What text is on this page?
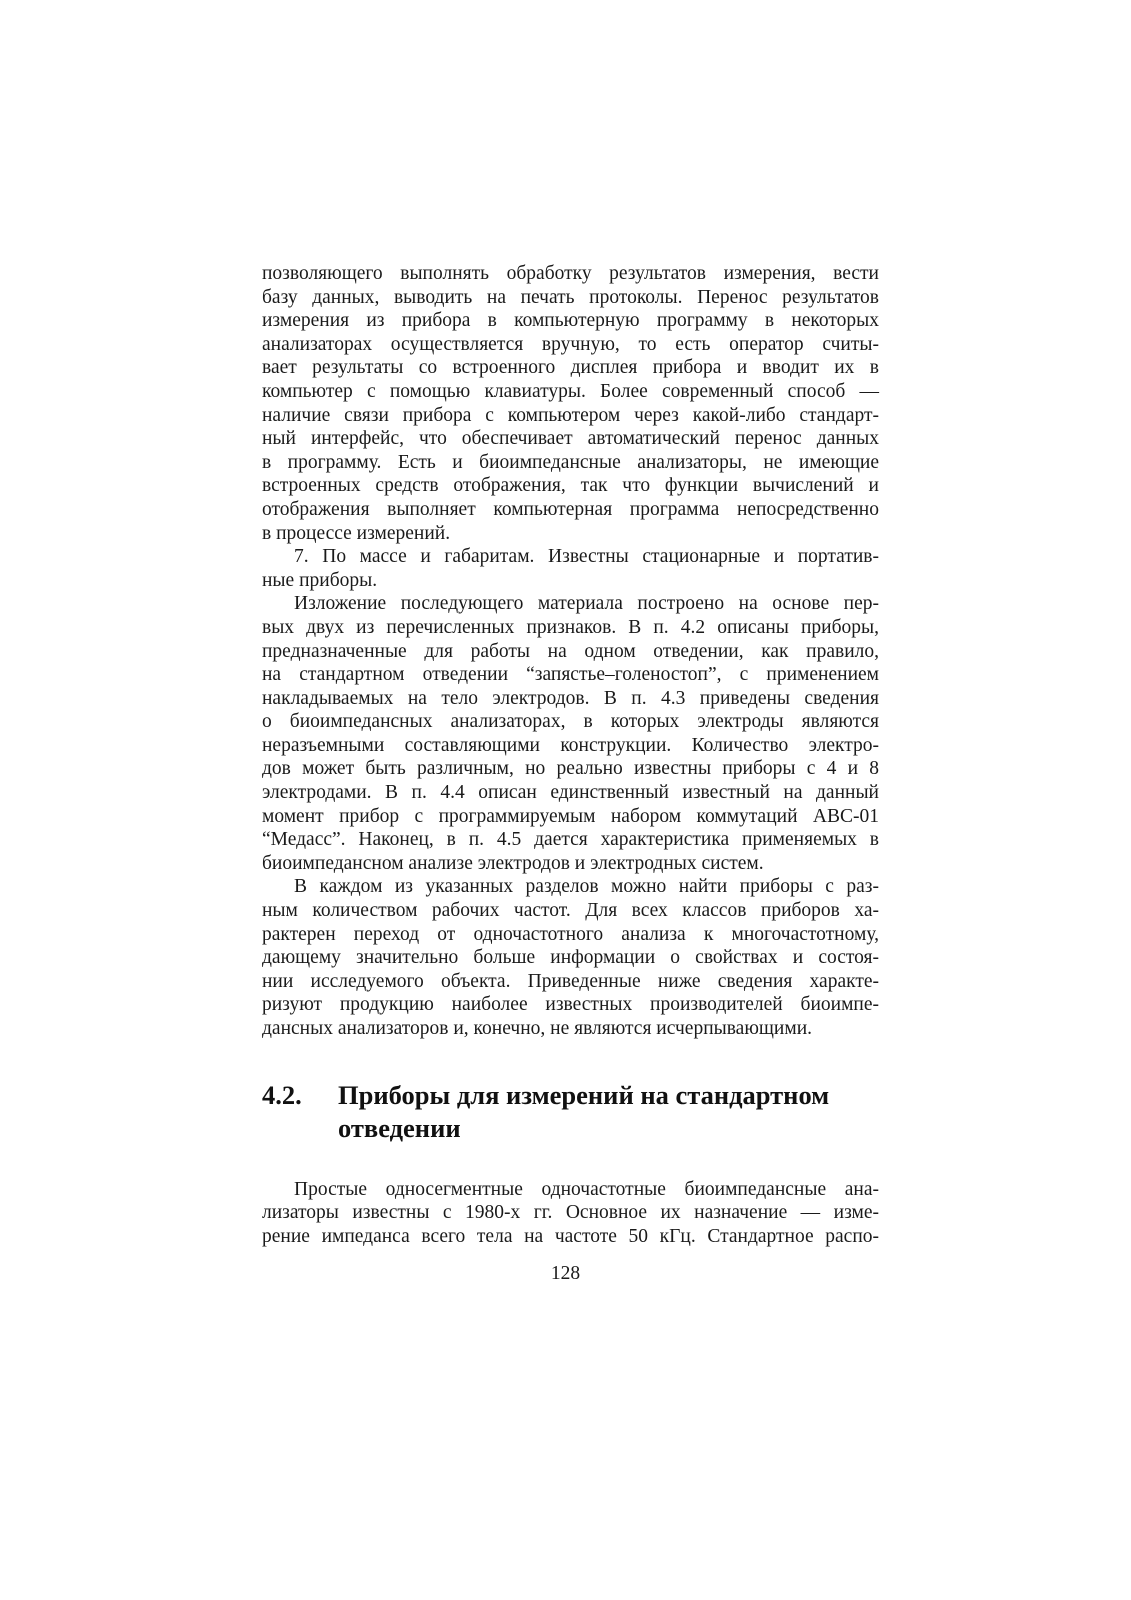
позволяющего выполнять обработку результатов измерения, вести
базу данных, выводить на печать протоколы. Перенос результатов
измерения из прибора в компьютерную программу в некоторых
анализаторах осуществляется вручную, то есть оператор считы-
вает результаты со встроенного дисплея прибора и вводит их в
компьютер с помощью клавиатуры. Более современный способ —
наличие связи прибора с компьютером через какой-либо стандарт-
ный интерфейс, что обеспечивает автоматический перенос данных
в программу. Есть и биоимпедансные анализаторы, не имеющие
встроенных средств отображения, так что функции вычислений и
отображения выполняет компьютерная программа непосредственно
в процессе измерений.
7. По массе и габаритам. Известны стационарные и портатив-
ные приборы.
Изложение последующего материала построено на основе пер-
вых двух из перечисленных признаков. В п. 4.2 описаны приборы,
предназначенные для работы на одном отведении, как правило,
на стандартном отведении “запястье–голеностоп”, с применением
накладываемых на тело электродов. В п. 4.3 приведены сведения
о биоимпедансных анализаторах, в которых электроды являются
неразъемными составляющими конструкции. Количество электро-
дов может быть различным, но реально известны приборы с 4 и 8
электродами. В п. 4.4 описан единственный известный на данный
момент прибор с программируемым набором коммутаций АВС-01
“Медасс”. Наконец, в п. 4.5 дается характеристика применяемых в
биоимпедансном анализе электродов и электродных систем.
В каждом из указанных разделов можно найти приборы с раз-
ным количеством рабочих частот. Для всех классов приборов ха-
рактерен переход от одночастотного анализа к многочастотному,
дающему значительно больше информации о свойствах и состоя-
нии исследуемого объекта. Приведенные ниже сведения характе-
ризуют продукцию наиболее известных производителей биоимпе-
дансных анализаторов и, конечно, не являются исчерпывающими.
4.2.	Приборы для измерений на стандартном
отведении
Простые односегментные одночастотные биоимпедансные ана-
лизаторы известны с 1980-х гг. Основное их назначение — изме-
рение импеданса всего тела на частоте 50 кГц. Стандартное распо-
128
